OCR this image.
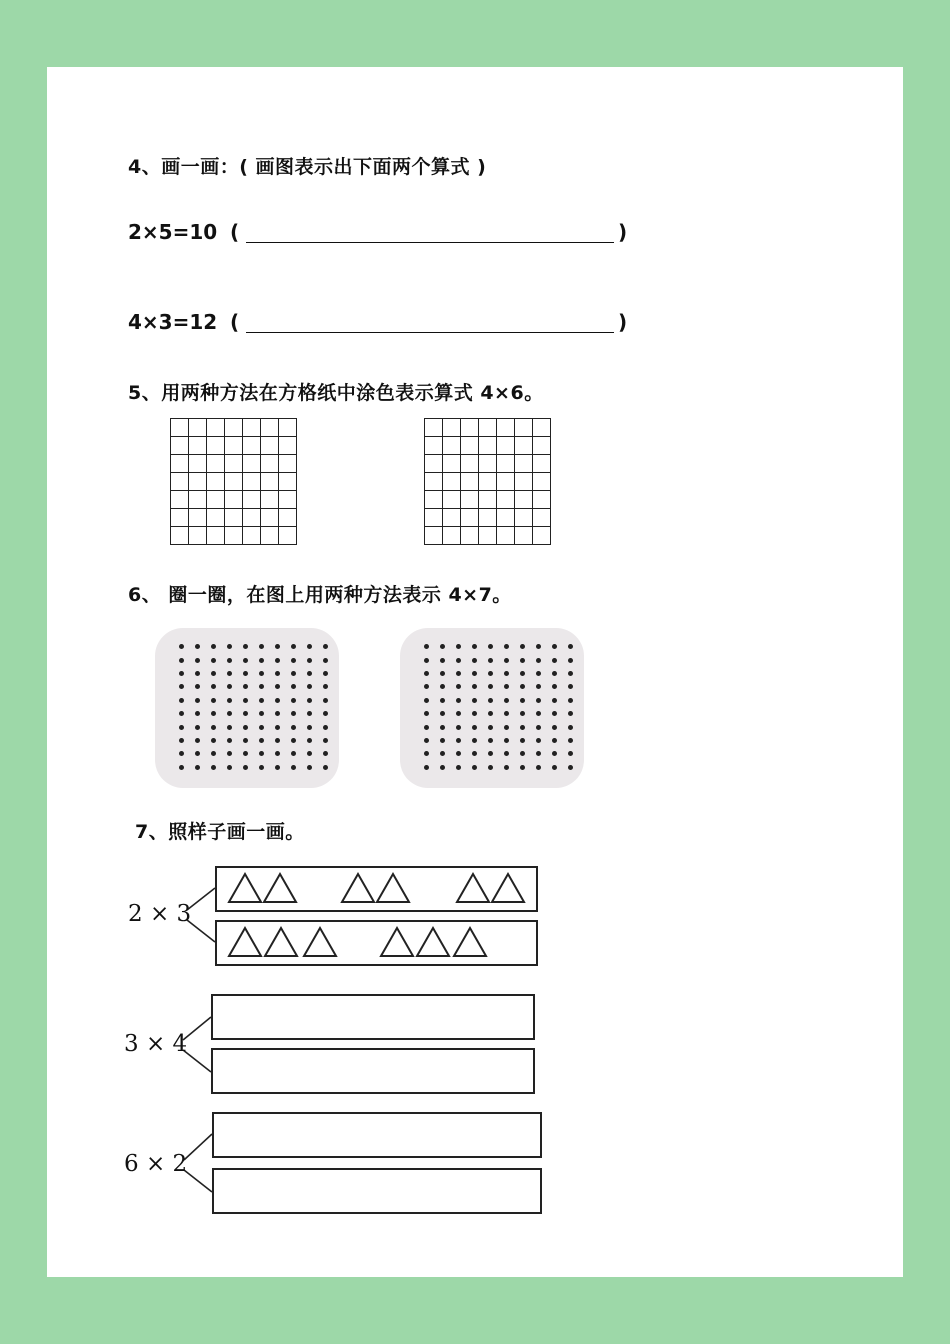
4、画一画：( 画图表示出下面两个算式 )
2×5=10 (	)
4×3=12 (	)
5、用两种方法在方格纸中涂色表示算式 4×6。

6、 圈一圈，在图上用两种方法表示 4×7。
7、照样子画一画。
2 × 3
3 × 4
6 × 2
